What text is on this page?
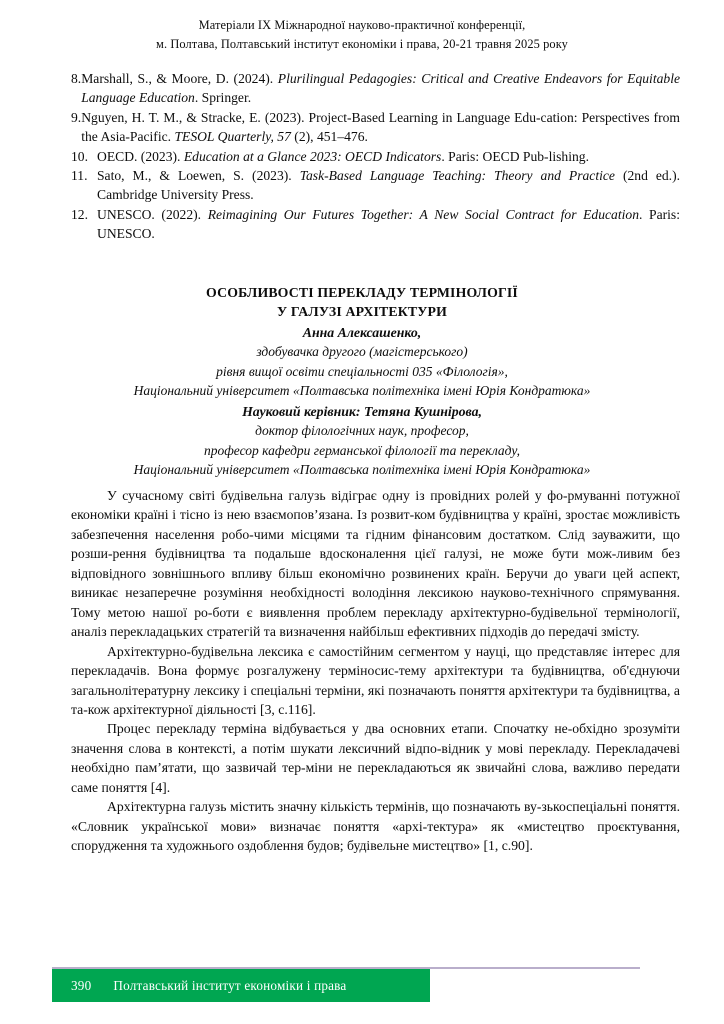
Матеріали IX Міжнародної науково-практичної конференції,
м. Полтава, Полтавський інститут економіки і права, 20-21 травня 2025 року
8. Marshall, S., & Moore, D. (2024). Plurilingual Pedagogies: Critical and Creative Endeavors for Equitable Language Education. Springer.
9. Nguyen, H. T. M., & Stracke, E. (2023). Project-Based Learning in Language Edu-cation: Perspectives from the Asia-Pacific. TESOL Quarterly, 57 (2), 451–476.
10. OECD. (2023). Education at a Glance 2023: OECD Indicators. Paris: OECD Pub-lishing.
11. Sato, M., & Loewen, S. (2023). Task-Based Language Teaching: Theory and Practice (2nd ed.). Cambridge University Press.
12. UNESCO. (2022). Reimagining Our Futures Together: A New Social Contract for Education. Paris: UNESCO.
ОСОБЛИВОСТІ ПЕРЕКЛАДУ ТЕРМІНОЛОГІЇ
У ГАЛУЗІ АРХІТЕКТУРИ
Анна Алексашенко,
здобувачка другого (магістерського)
рівня вищої освіти спеціальності 035 «Філологія»,
Національний університет «Полтавська політехніка імені Юрія Кондратюка»
Науковий керівник: Тетяна Кушнірова,
доктор філологічних наук, професор,
професор кафедри германської філології та перекладу,
Національний університет «Полтавська політехніка імені Юрія Кондратюка»

У сучасному світі будівельна галузь відіграє одну із провідних ролей у фо-рмуванні потужної економіки країні і тісно із нею взаємопов’язана. Із розвит-ком будівництва у країні, зростає можливість забезпечення населення робо-чими місцями та гідним фінансовим достатком. Слід зауважити, що розши-рення будівництва та подальше вдосконалення цієї галузі, не може бути мож-ливим без відповідного зовнішнього впливу більш економічно розвинених країн. Беручи до уваги цей аспект, виникає незаперечне розуміння необхідності володіння лексикою науково-технічного спрямування. Тому метою нашої ро-боти є виявлення проблем перекладу архітектурно-будівельної термінології, аналіз перекладацьких стратегій та визначення найбільш ефективних підходів до передачі змісту.

Архітектурно-будівельна лексика є самостійним сегментом у науці, що представляє інтерес для перекладачів. Вона формує розгалужену терміносис-тему архітектури та будівництва, об'єднуючи загальнолітературну лексику і спеціальні терміни, які позначають поняття архітектури та будівництва, а та-кож архітектурної діяльності [3, с.116].

Процес перекладу терміна відбувається у два основних етапи. Спочатку не-обхідно зрозуміти значення слова в контексті, а потім шукати лексичний відпо-відник у мові перекладу. Перекладачеві необхідно пам’ятати, що зазвичай тер-міни не перекладаються як звичайні слова, важливо передати саме поняття [4].

Архітектурна галузь містить значну кількість термінів, що позначають ву-зькоспеціальні поняття. «Словник української мови» визначає поняття «архі-тектура» як «мистецтво проєктування, спорудження та художнього оздоблення будов; будівельне мистецтво» [1, с.90].

390 Полтавський інститут економіки і права
